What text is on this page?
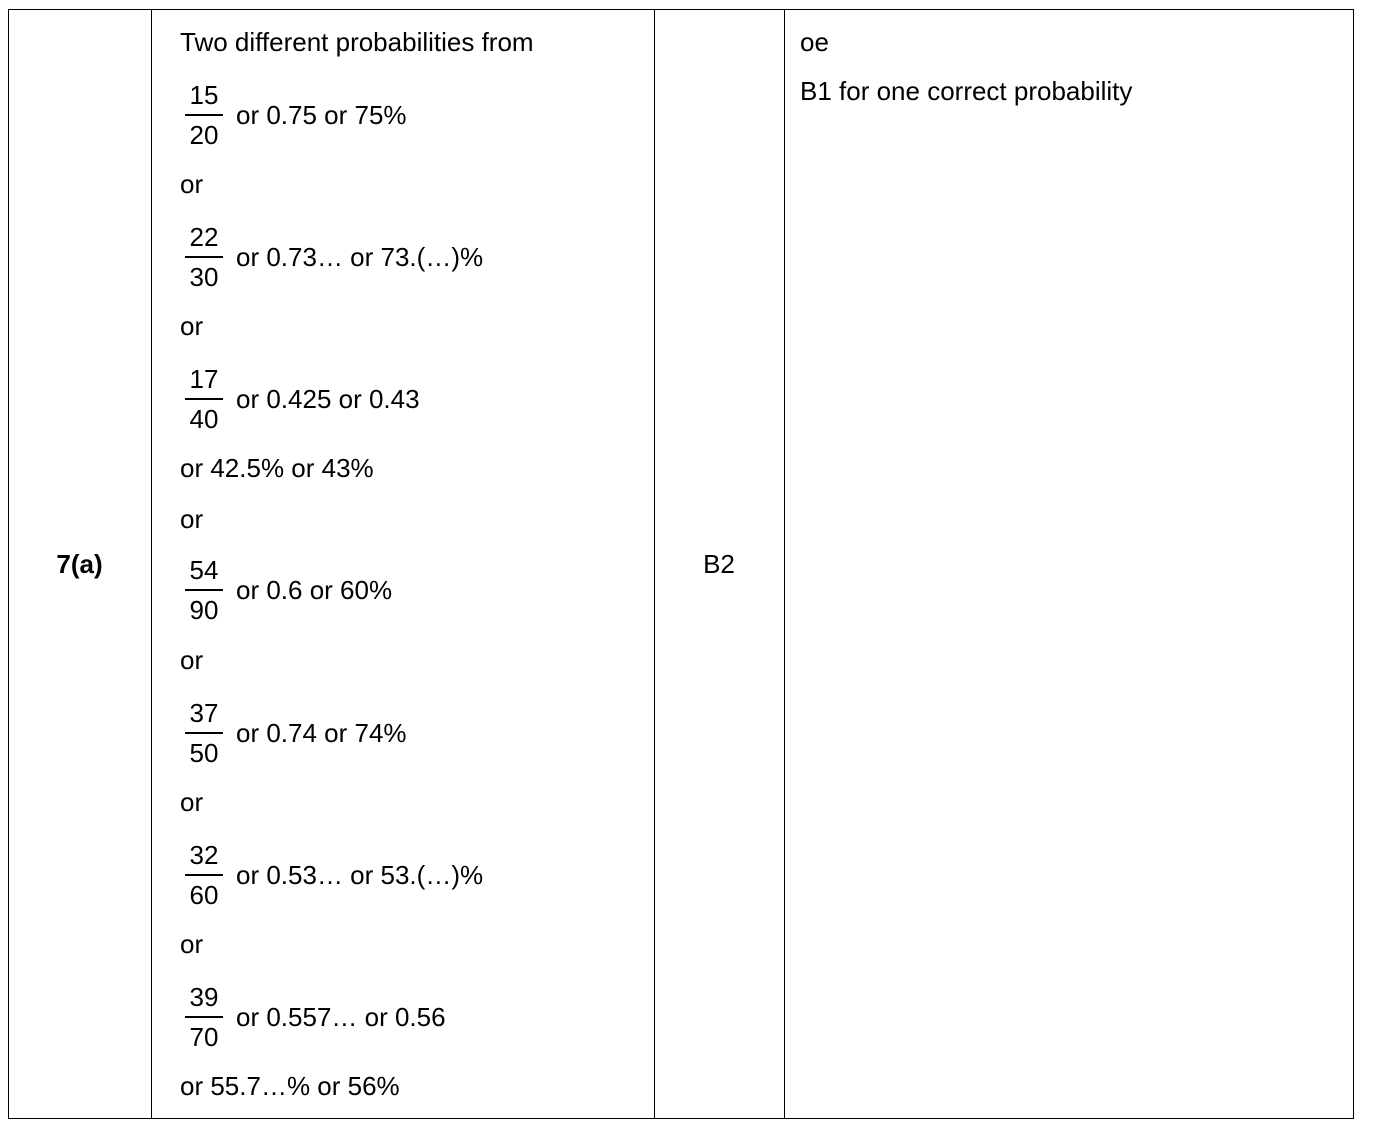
7(a)	B2
Two different probabilities from
15
20
or 0.75 or 75%
or
22
30
or 0.73… or 73.(…)%
or
17
40
or 0.425 or 0.43
or 42.5% or 43%
or
54
90
or 0.6 or 60%
or
37
50
or 0.74 or 74%
or
32
60
or 0.53… or 53.(…)%
or
39
70
or 0.557… or 0.56
or 55.7…% or 56%
oe
B1 for one correct probability
